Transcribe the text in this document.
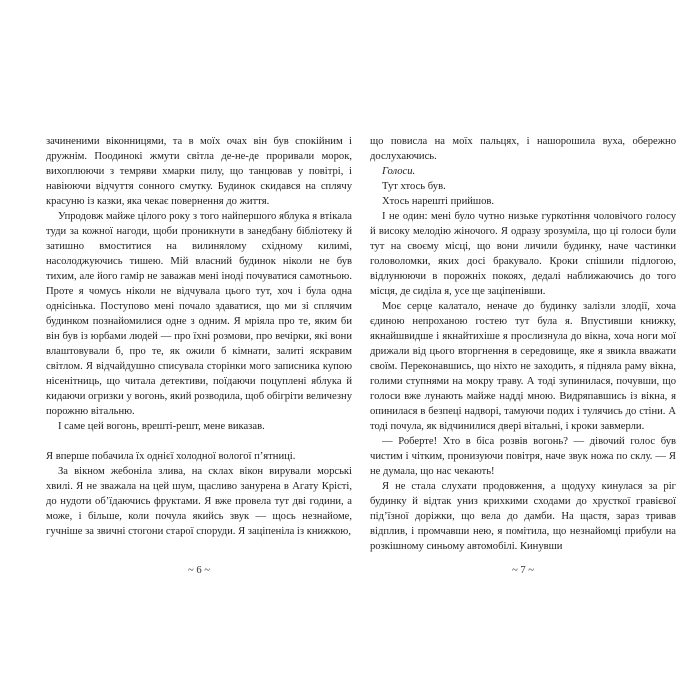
зачиненими віконницями, та в моїх очах він був спокійним і дружнім. Поодинокі жмути світла де-не-де проривали морок, вихоплюючи з темряви хмарки пилу, що танцював у повітрі, і навіюючи відчуття сонного смутку. Будинок скидався на сплячу красуню із казки, яка чекає повернення до життя.

Упродовж майже цілого року з того найпершого яблука я втікала туди за кожної нагоди, щоби проникнути в занедбану бібліотеку й затишно вмоститися на вилинялому східному килимі, насолоджуючись тишею. Мій власний будинок ніколи не був тихим, але його гамір не заважав мені іноді почуватися самотньою. Проте я чомусь ніколи не відчувала цього тут, хоч і була одна однісінька. Поступово мені почало здаватися, що ми зі сплячим будинком познайомилися одне з одним. Я мріяла про те, яким би він був із юрбами людей — про їхні розмови, про вечірки, які вони влаштовували б, про те, як ожили б кімнати, залиті яскравим світлом. Я відчайдушно списувала сторінки мого записника купою нісенітниць, що читала детективи, поїдаючи поцуплені яблука й кидаючи огризки у вогонь, який розводила, щоб обігріти величезну порожню вітальню.

І саме цей вогонь, врешті-решт, мене виказав.

Я вперше побачила їх однієї холодної вологої п’ятниці.

За вікном жебоніла злива, на склах вікон вирували морські хвилі. Я не зважала на цей шум, щасливо занурена в Агату Крісті, до нудоти об’їдаючись фруктами. Я вже провела тут дві години, а може, і більше, коли почула якийсь звук — щось незнайоме, гучніше за звичні стогони старої споруди. Я заціпеніла із книжкою,

~ 6 ~

що повисла на моїх пальцях, і нашорошила вуха, обережно дослухаючись.

Голоси.

Тут хтось був.

Хтось нарешті прийшов.

І не один: мені було чутно низьке гуркотіння чоловічого голосу й високу мелодію жіночого. Я одразу зрозуміла, що ці голоси були тут на своєму місці, що вони личили будинку, наче частинки головоломки, яких досі бракувало. Кроки спішили підлогою, відлунюючи в порожніх покоях, дедалі наближаючись до того місця, де сиділа я, усе ще заціпенівши.

Моє серце калатало, неначе до будинку залізли злодії, хоча єдиною непроханою гостею тут була я. Впустивши книжку, якнайшвидше і якнайтихіше я прослизнула до вікна, хоча ноги мої дрижали від цього вторгнення в середовище, яке я звикла вважати своїм. Переконавшись, що ніхто не заходить, я підняла раму вікна, голими ступнями на мокру траву. А тоді зупинилася, почувши, що голоси вже лунають майже надді мною. Видряпавшись із вікна, я опинилася в безпеці надворі, тамуючи подих і тулячись до стіни. А тоді почула, як відчинилися двері вітальні, і кроки завмерли.

— Роберте! Хто в біса розвів вогонь? — дівочий голос був чистим і чітким, пронизуючи повітря, наче звук ножа по склу. — Я не думала, що нас чекають!

Я не стала слухати продовження, а щодуху кинулася за ріг будинку й відтак униз крихкими сходами до хрусткої гравієвої під’їзної доріжки, що вела до дамби. На щастя, зараз тривав відплив, і промчавши нею, я помітила, що незнайомці прибули на розкішному синьому автомобілі. Кинувши

~ 7 ~
